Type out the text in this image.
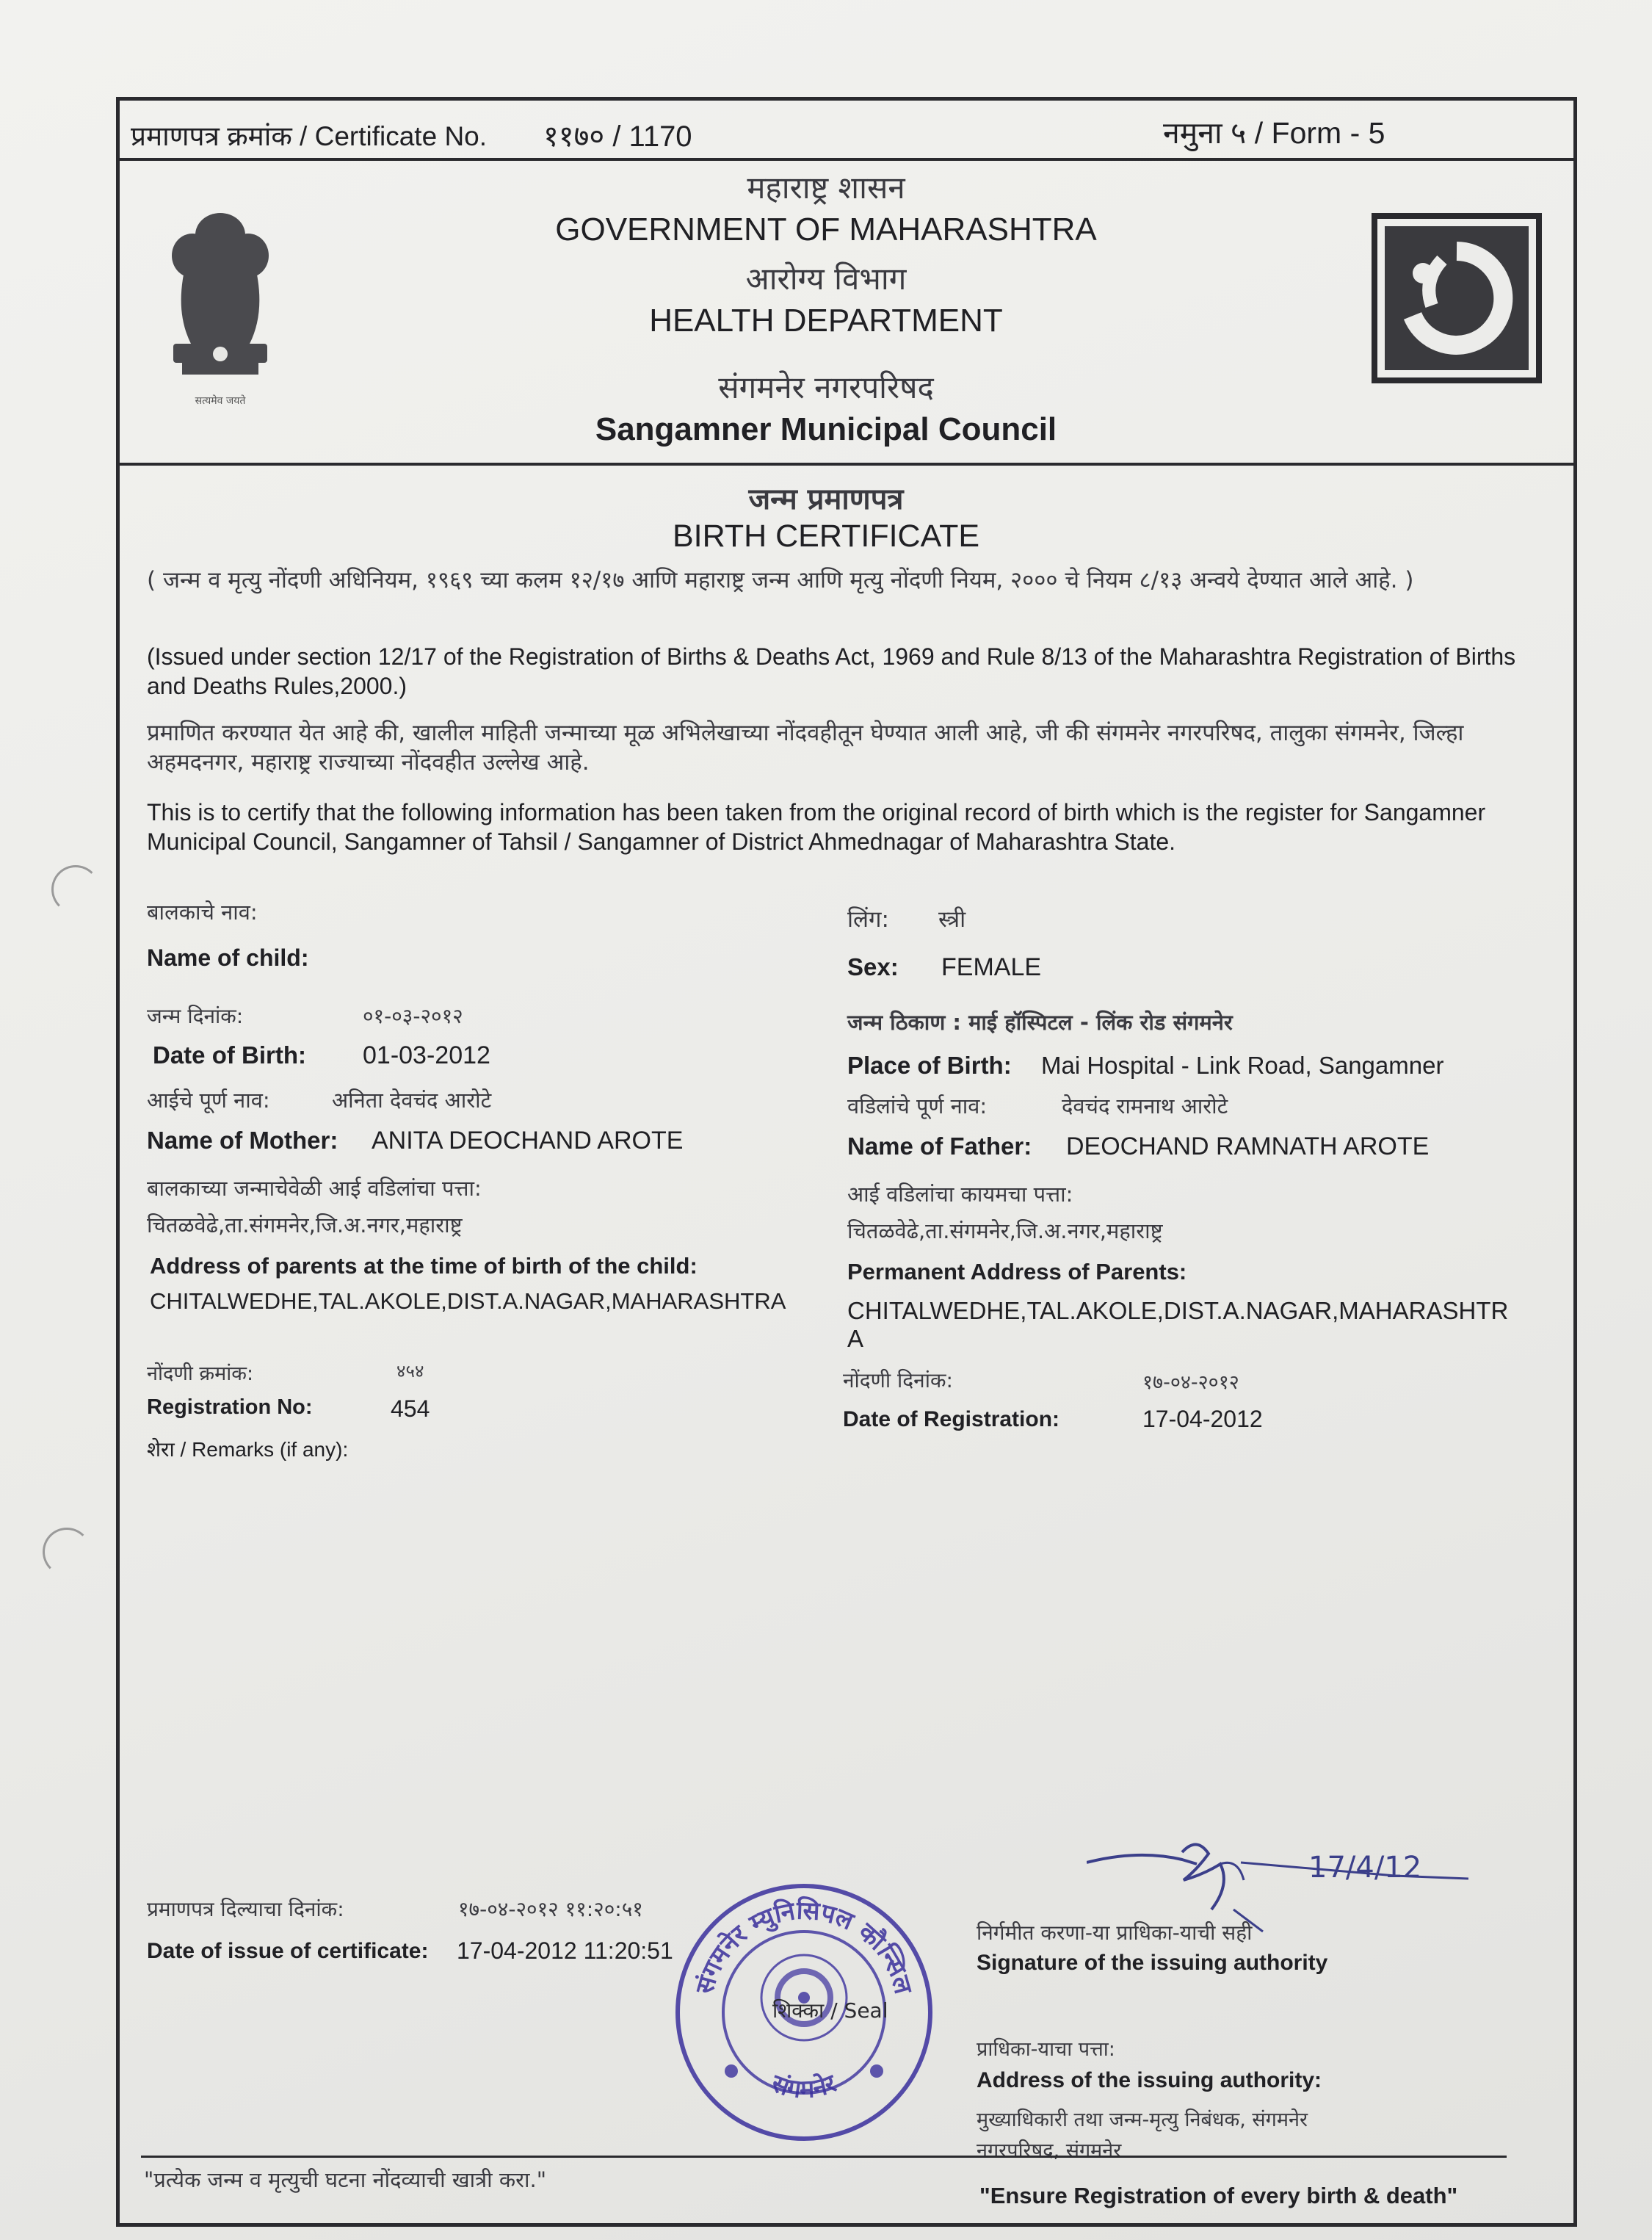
प्रमाणपत्र क्रमांक / Certificate No. ११७० / 1170	नमुना ५ / Form - 5
सत्यमेव जयते
महाराष्ट्र शासन
GOVERNMENT OF MAHARASHTRA
आरोग्य विभाग
HEALTH DEPARTMENT
संगमनेर नगरपरिषद
Sangamner Municipal Council
जन्म प्रमाणपत्र
BIRTH CERTIFICATE
( जन्म व मृत्यु नोंदणी अधिनियम, १९६९ च्या कलम १२/१७ आणि महाराष्ट्र जन्म आणि मृत्यु नोंदणी नियम, २००० चे नियम ८/१३ अन्वये देण्यात आले आहे. )
(Issued under section 12/17 of the Registration of Births & Deaths Act, 1969 and Rule 8/13 of the Maharashtra Registration of Births and Deaths Rules,2000.)
प्रमाणित करण्यात येत आहे की, खालील माहिती जन्माच्या मूळ अभिलेखाच्या नोंदवहीतून घेण्यात आली आहे, जी की संगमनेर नगरपरिषद, तालुका संगमनेर, जिल्हा अहमदनगर, महाराष्ट्र राज्याच्या नोंदवहीत उल्लेख आहे.
This is to certify that the following information has been taken from the original record of birth which is the register for Sangamner Municipal Council, Sangamner of Tahsil / Sangamner of District Ahmednagar of Maharashtra State.
बालकाचे नाव:
Name of child:
लिंग: स्त्री
Sex: FEMALE
जन्म दिनांक:	०१-०३-२०१२
Date of Birth: 01-03-2012
जन्म ठिकाण : माई हॉस्पिटल - लिंक रोड संगमनेर
Place of Birth: Mai Hospital - Link Road, Sangamner
आईचे पूर्ण नाव:	अनिता देवचंद आरोटे
Name of Mother: ANITA DEOCHAND AROTE
वडिलांचे पूर्ण नाव:	देवचंद रामनाथ आरोटे
Name of Father: DEOCHAND RAMNATH AROTE
बालकाच्या जन्माचेवेळी आई वडिलांचा पत्ता:
चितळवेढे,ता.संगमनेर,जि.अ.नगर,महाराष्ट्र
Address of parents at the time of birth of the child:
CHITALWEDHE,TAL.AKOLE,DIST.A.NAGAR,MAHARASHTRA
आई वडिलांचा कायमचा पत्ता:
चितळवेढे,ता.संगमनेर,जि.अ.नगर,महाराष्ट्र
Permanent Address of Parents:
CHITALWEDHE,TAL.AKOLE,DIST.A.NAGAR,MAHARASHTRA
नोंदणी क्रमांक:	४५४
Registration No:	454
नोंदणी दिनांक:	१७-०४-२०१२
Date of Registration:	17-04-2012
शेरा / Remarks (if any):
प्रमाणपत्र दिल्याचा दिनांक:	१७-०४-२०१२ ११:२०:५१
Date of issue of certificate: 17-04-2012 11:20:51
संगमनेर म्युनिसिपल कौन्सिल
संगमनेर
शिक्का / Seal
17/4/12
निर्गमीत करणा-या प्राधिका-याची सही
Signature of the issuing authority
प्राधिका-याचा पत्ता:
Address of the issuing authority:
मुख्याधिकारी तथा जन्म-मृत्यु निबंधक, संगमनेर
नगरपरिषद, संगमनेर
"प्रत्येक जन्म व मृत्युची घटना नोंदव्याची खात्री करा."
"Ensure Registration of every birth & death"
